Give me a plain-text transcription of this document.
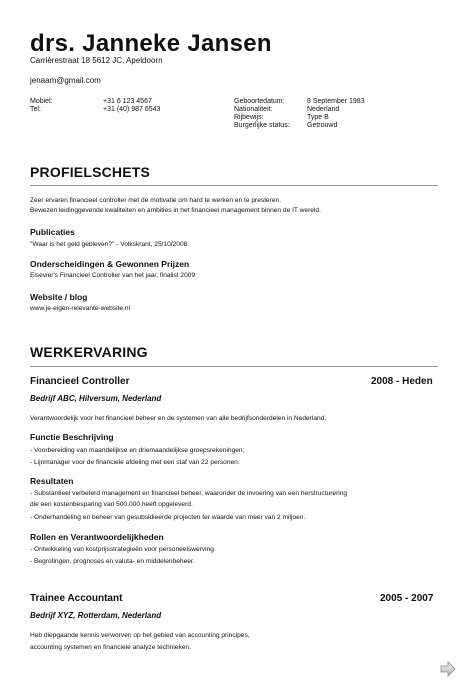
drs. Janneke Jansen
Carrièrestraat 18 5612 JC, Apeldoorn
jenaam@gmail.com
Mobiel:	+31 6 123 4567
Tel:	+31 (40) 987 6543
Geboortedatum:	8 September 1983
Nationaliteit:	Nederland
Rijbewijs:	Type B
Burgerlijke status:	Getrouwd
PROFIELSCHETS
Zeer ervaren financieel controller met de motivatie om hard te werken en te presteren.
Bewezen leidinggevende kwaliteiten en ambities in het financieel management binnen de IT wereld.
Publicaties
"Waar is het geld gebleven?" - Volkskrant, 25/10/2008
Onderscheidingen & Gewonnen Prijzen
Elsevier's Financieel Controller van het jaar, finalist 2009
Website / blog
www.je-eigen-relevante-website.nl
WERKERVARING
Financieel Controller	2008 - Heden
Bedrijf ABC, Hilversum, Nederland
Verantwoordelijk voor het financieel beheer en de systemen van alle bedrijfsonderdelen in Nederland.
Functie Beschrijving
- Voorbereiding van maandelijkse en driemaandelijkse groepsrekeningen;
- Lijnmanager voor de financiele afdeling met een staf van 22 personen.
Resultaten
- Substantieel verbeterd management en financieel beheer, waaronder de invoering van een herstructurering
die een kostenbesparing van 500.000 heeft opgeleverd.
- Onderhandeling en beheer van gesubsidieerde projecten ter waarde van meer van 2 miljoen.
Rollen en Verantwoordelijkheden
- Ontwikkeling van kostprijsstrategieën voor personeelswerving.
- Begrotingen, prognoses en valuta- en middelenbeheer.
Trainee Accountant	2005 - 2007
Bedrijf XYZ, Rotterdam, Nederland
Heb diepgaande kennis verworven op het gebied van accounting principes,
accounting systemen en financiele analyze technieken.
